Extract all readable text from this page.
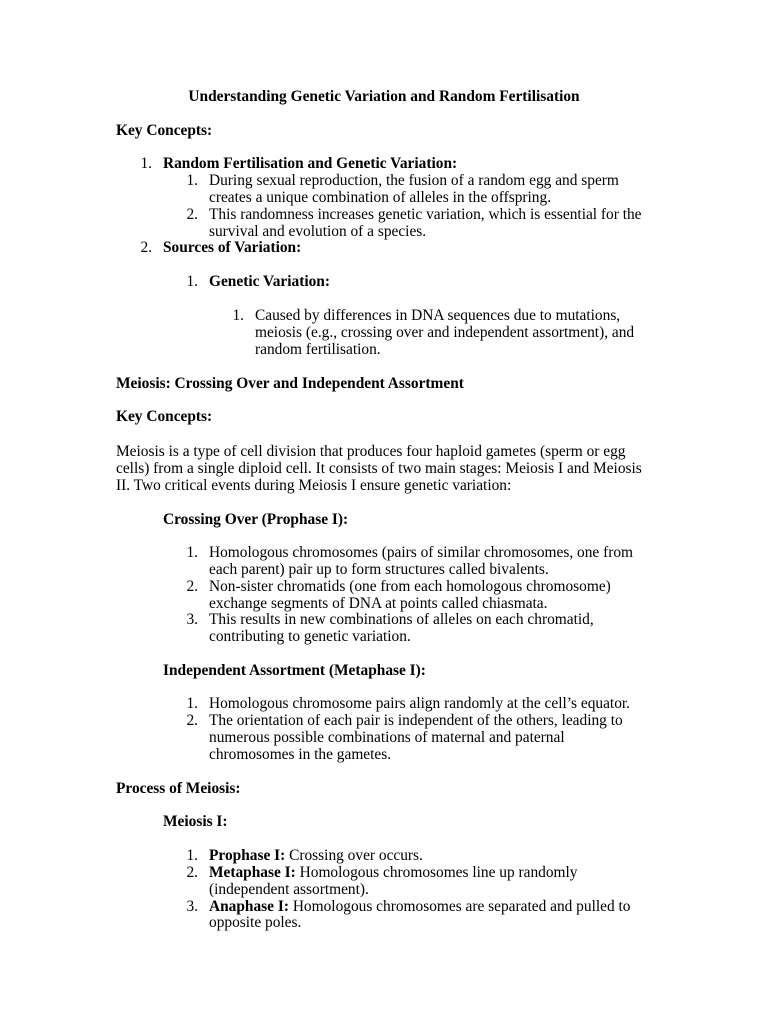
Understanding Genetic Variation and Random Fertilisation
Key Concepts:
1. Random Fertilisation and Genetic Variation:
1. During sexual reproduction, the fusion of a random egg and sperm
creates a unique combination of alleles in the offspring.
2. This randomness increases genetic variation, which is essential for the
survival and evolution of a species.
2. Sources of Variation:
1. Genetic Variation:
1. Caused by differences in DNA sequences due to mutations,
meiosis (e.g., crossing over and independent assortment), and
random fertilisation.
Meiosis: Crossing Over and Independent Assortment
Key Concepts:
Meiosis is a type of cell division that produces four haploid gametes (sperm or egg
cells) from a single diploid cell. It consists of two main stages: Meiosis I and Meiosis
II. Two critical events during Meiosis I ensure genetic variation:
Crossing Over (Prophase I):
1. Homologous chromosomes (pairs of similar chromosomes, one from
each parent) pair up to form structures called bivalents.
2. Non-sister chromatids (one from each homologous chromosome)
exchange segments of DNA at points called chiasmata.
3. This results in new combinations of alleles on each chromatid,
contributing to genetic variation.
Independent Assortment (Metaphase I):
1. Homologous chromosome pairs align randomly at the cell’s equator.
2. The orientation of each pair is independent of the others, leading to
numerous possible combinations of maternal and paternal
chromosomes in the gametes.
Process of Meiosis:
Meiosis I:
1. Prophase I: Crossing over occurs.
2. Metaphase I: Homologous chromosomes line up randomly
(independent assortment).
3. Anaphase I: Homologous chromosomes are separated and pulled to
opposite poles.
